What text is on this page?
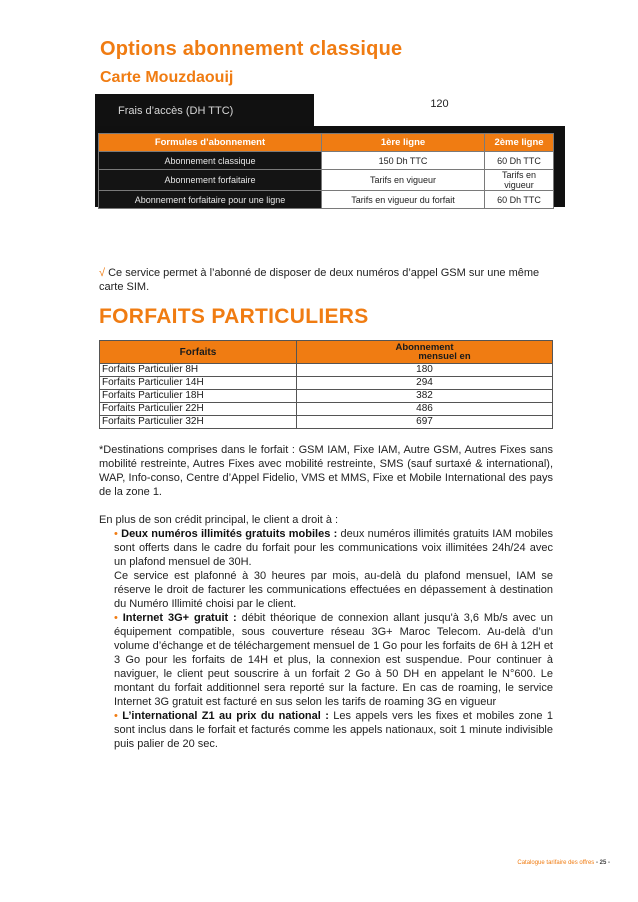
Options abonnement classique
Carte Mouzdaouij
Frais d’accès (DH TTC)
120
Formules d’abonnement	1ère ligne	2ème ligne
Abonnement classique	150 Dh TTC	60 Dh TTC
Abonnement forfaitaire	Tarifs en vigueur	Tarifs en vigueur
Abonnement forfaitaire pour une ligne	Tarifs en vigueur du forfait	60 Dh TTC
√ Ce service permet à l’abonné de disposer de deux numéros d’appel GSM sur une même carte SIM.
FORFAITS PARTICULIERS
Forfaits	Abonnement
mensuel en

Forfaits Particulier 8H	180
Forfaits Particulier 14H	294
Forfaits Particulier 18H	382
Forfaits Particulier 22H	486
Forfaits Particulier 32H	697
*Destinations comprises dans le forfait : GSM IAM, Fixe IAM, Autre GSM, Autres Fixes sans mobilité restreinte, Autres Fixes avec mobilité restreinte, SMS (sauf surtaxé & international), WAP, Info-conso, Centre d’Appel Fidelio, VMS et MMS, Fixe et Mobile International des pays de la zone 1.
En plus de son crédit principal, le client a droit à :
• Deux numéros illimités gratuits mobiles : deux numéros illimités gratuits IAM mobiles sont offerts dans le cadre du forfait pour les communications voix illimitées 24h/24 avec un plafond mensuel de 30H.
Ce service est plafonné à 30 heures par mois, au-delà du plafond mensuel, IAM se réserve le droit de facturer les communications effectuées en dépassement à destination du Numéro Illimité choisi par le client.
• Internet 3G+ gratuit : débit théorique de connexion allant jusqu'à 3,6 Mb/s avec un équipement compatible, sous couverture réseau 3G+ Maroc Telecom. Au-delà d’un volume d’échange et de téléchargement mensuel de 1 Go pour les forfaits de 6H à 12H et 3 Go pour les forfaits de 14H et plus, la connexion est suspendue. Pour continuer à naviguer, le client peut souscrire à un forfait 2 Go à 50 DH en appelant le N°600. Le montant du forfait additionnel sera reporté sur la facture. En cas de roaming, le service Internet 3G gratuit est facturé en sus selon les tarifs de roaming 3G en vigueur
• L’international Z1 au prix du national : Les appels vers les fixes et mobiles zone 1 sont inclus dans le forfait et facturés comme les appels nationaux, soit 1 minute indivisible puis palier de 20 sec.
Catalogue tarifaire des offres - 25 -
